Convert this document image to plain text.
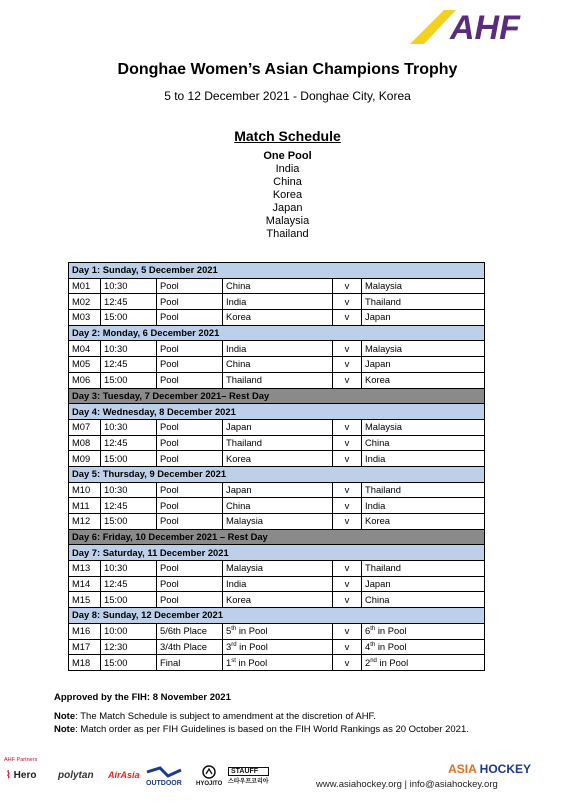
AHF
Donghae Women’s Asian Champions Trophy
5 to 12 December 2021 - Donghae City, Korea
Match Schedule
One Pool
India
China
Korea
Japan
Malaysia
Thailand
Day 1: Sunday, 5 December 2021					
M01	10:30	Pool	China	v	Malaysia
M02	12:45	Pool	India	v	Thailand
M03	15:00	Pool	Korea	v	Japan
Day 2: Monday, 6 December 2021					
M04	10:30	Pool	India	v	Malaysia
M05	12:45	Pool	China	v	Japan
M06	15:00	Pool	Thailand	v	Korea
Day 3: Tuesday, 7 December 2021– Rest Day					
Day 4: Wednesday, 8 December 2021					
M07	10:30	Pool	Japan	v	Malaysia
M08	12:45	Pool	Thailand	v	China
M09	15:00	Pool	Korea	v	India
Day 5: Thursday, 9 December 2021					
M10	10:30	Pool	Japan	v	Thailand
M11	12:45	Pool	China	v	India
M12	15:00	Pool	Malaysia	v	Korea
Day 6: Friday, 10 December 2021 – Rest Day					
Day 7: Saturday, 11 December 2021					
M13	10:30	Pool	Malaysia	v	Thailand
M14	12:45	Pool	India	v	Japan
M15	15:00	Pool	Korea	v	China
Day 8: Sunday, 12 December 2021					
M16	10:00	5/6th Place	5th in Pool	v	6th in Pool
M17	12:30	3/4th Place	3rd in Pool	v	4th in Pool
M18	15:00	Final	1st in Pool	v	2nd in Pool
Approved by the FIH: 8 November 2021
Note: The Match Schedule is subject to amendment at the discretion of AHF.
Note: Match order as per FIH Guidelines is based on the FIH World Rankings as 20 October 2021.
AHF Partners
⌇ Hero polytan AirAsia
OUTDOOR HYOJITO
STAUFF
스타우프코리아
ASIA HOCKEY
www.asiahockey.org | info@asiahockey.org
